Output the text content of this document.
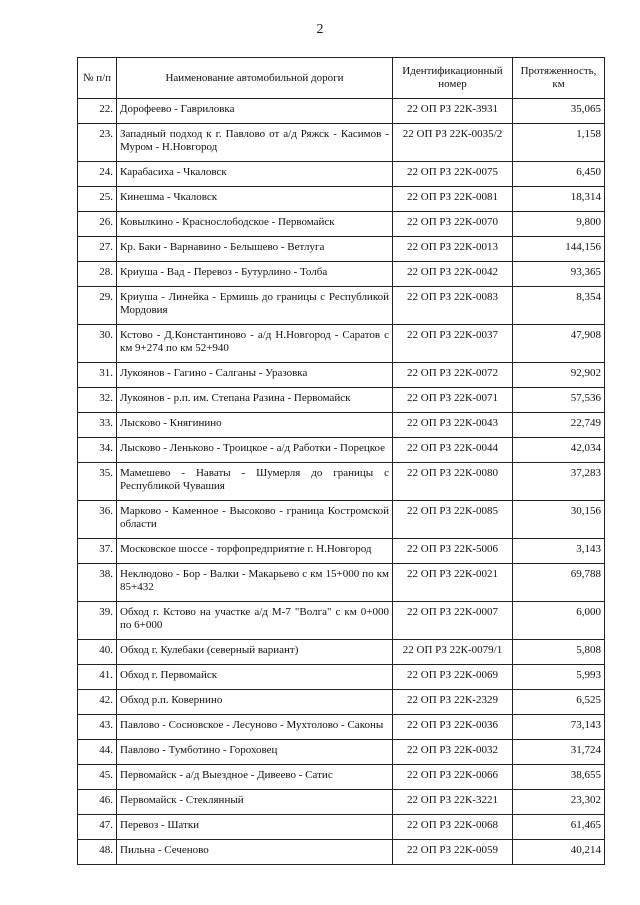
2
№ п/п	Наименование автомобильной дороги	Идентификационный номер	Протяженность, км
22.	Дорофеево - Гавриловка	22 ОП РЗ 22К-3931	35,065
23.	Западный подход к г. Павлово от а/д Ряжск - Касимов - Муром - Н.Новгород	22 ОП РЗ 22К-0035/2	1,158
24.	Карабасиха - Чкаловск	22 ОП РЗ 22К-0075	6,450
25.	Кинешма - Чкаловск	22 ОП РЗ 22К-0081	18,314
26.	Ковылкино - Краснослободское - Первомайск	22 ОП РЗ 22К-0070	9,800
27.	Кр. Баки - Варнавино - Белышево - Ветлуга	22 ОП РЗ 22К-0013	144,156
28.	Криуша - Вад - Перевоз - Бутурлино - Толба	22 ОП РЗ 22К-0042	93,365
29.	Криуша - Линейка - Ермишь до границы с Республикой Мордовия	22 ОП РЗ 22К-0083	8,354
30.	Кстово - Д.Константиново - а/д Н.Новгород - Саратов с км 9+274 по км 52+940	22 ОП РЗ 22К-0037	47,908
31.	Лукоянов - Гагино - Салганы - Уразовка	22 ОП РЗ 22К-0072	92,902
32.	Лукоянов - р.п. им. Степана Разина - Первомайск	22 ОП РЗ 22К-0071	57,536
33.	Лысково - Княгинино	22 ОП РЗ 22К-0043	22,749
34.	Лысково - Леньково - Троицкое - а/д Работки - Порецкое	22 ОП РЗ 22К-0044	42,034
35.	Мамешево - Наваты - Шумерля до границы с Республикой Чувашия	22 ОП РЗ 22К-0080	37,283
36.	Марково - Каменное - Высоково - граница Костромской области	22 ОП РЗ 22К-0085	30,156
37.	Московское шоссе - торфопредприятие г. Н.Новгород	22 ОП РЗ 22К-5006	3,143
38.	Неклюдово - Бор - Валки - Макарьево с км 15+000 по км 85+432	22 ОП РЗ 22К-0021	69,788
39.	Обход г. Кстово на участке а/д М-7 "Волга" с км 0+000 по 6+000	22 ОП РЗ 22К-0007	6,000
40.	Обход г. Кулебаки (северный вариант)	22 ОП РЗ 22К-0079/1	5,808
41.	Обход г. Первомайск	22 ОП РЗ 22К-0069	5,993
42.	Обход р.п. Ковернино	22 ОП РЗ 22К-2329	6,525
43.	Павлово - Сосновское - Лесуново - Мухтолово - Саконы	22 ОП РЗ 22К-0036	73,143
44.	Павлово - Тумботино - Гороховец	22 ОП РЗ 22К-0032	31,724
45.	Первомайск - а/д Выездное - Дивеево - Сатис	22 ОП РЗ 22К-0066	38,655
46.	Первомайск - Стеклянный	22 ОП РЗ 22К-3221	23,302
47.	Перевоз - Шатки	22 ОП РЗ 22К-0068	61,465
48.	Пильна - Сеченово	22 ОП РЗ 22К-0059	40,214
